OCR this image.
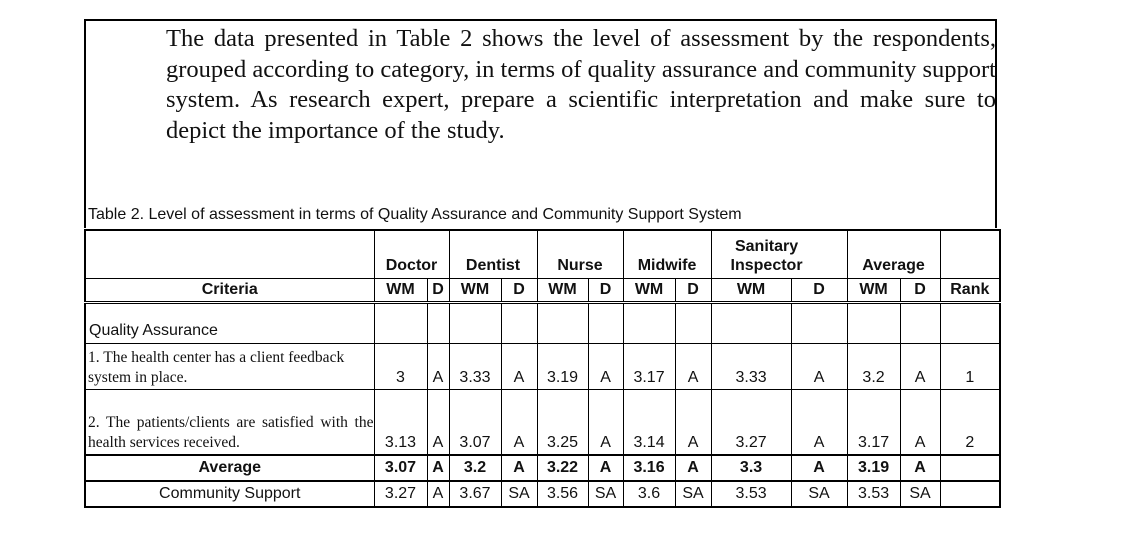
The data presented in Table 2 shows the level of assessment by the respondents, grouped according to category, in terms of quality assurance and community support system. As research expert, prepare a scientific interpretation and make sure to depict the importance of the study.
Table 2. Level of assessment in terms of Quality Assurance and Community Support System
	Doctor		Dentist		Nurse		Midwife		Sanitary Inspector		Average		
Criteria	WM	D	WM	D	WM	D	WM	D	WM	D	WM	D	Rank
Quality Assurance													
1. The health center has a client feedback system in place.	3	A	3.33	A	3.19	A	3.17	A	3.33	A	3.2	A	1
2. The patients/clients are satisfied with the health services received.	3.13	A	3.07	A	3.25	A	3.14	A	3.27	A	3.17	A	2
Average	3.07	A	3.2	A	3.22	A	3.16	A	3.3	A	3.19	A	
Community Support	3.27	A	3.67	SA	3.56	SA	3.6	SA	3.53	SA	3.53	SA	
